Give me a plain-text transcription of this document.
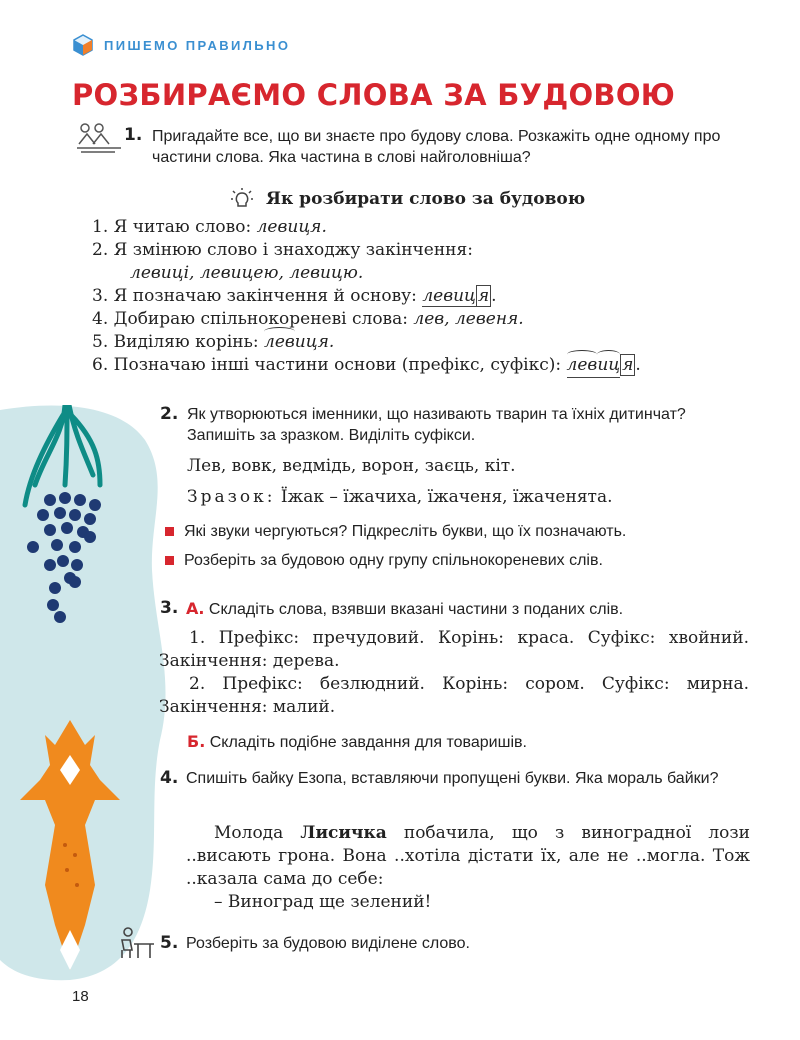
ПИШЕМО ПРАВИЛЬНО
РОЗБИРАЄМО СЛОВА ЗА БУДОВОЮ
1. Пригадайте все, що ви знаєте про будову слова. Розкажіть одне одному про частини слова. Яка частина в слові найголовніша?
Як розбирати слово за будовою
1. Я читаю слово: левиця.
2. Я змінюю слово і знаходжу закінчення:
левиці, левицею, левицю.
3. Я позначаю закінчення й основу: левиц я .
4. Добираю спільнокореневі слова: лев, левеня.
5. Виділяю корінь: левиця.
6. Позначаю інші частини основи (префікс, суфікс): левиц я .
2. Як утворюються іменники, що називають тварин та їхніх дитинчат? Запишіть за зразком. Виділіть суфікси.
Лев, вовк, ведмідь, ворон, заєць, кіт.
Зразок: Їжак – їжачиха, їжаченя, їжаченята.
Які звуки чергуються? Підкресліть букви, що їх позначають.
Розберіть за будовою одну групу спільнокореневих слів.
3. А. Складіть слова, взявши вказані частини з поданих слів.
1. Префікс: пречудовий. Корінь: краса. Суфікс: хвойний. Закінчення: дерева.
2. Префікс: безлюдний. Корінь: сором. Суфікс: мирна. Закінчення: малий.
Б. Складіть подібне завдання для товаришів.
4. Спишіть байку Езопа, вставляючи пропущені букви. Яка мораль байки?
Молода Лисичка побачила, що з виноградної лози ..висають грона. Вона ..хотіла дістати їх, але не ..могла. Тож ..казала сама до себе:
– Виноград ще зелений!
5. Розберіть за будовою виділене слово.
18
